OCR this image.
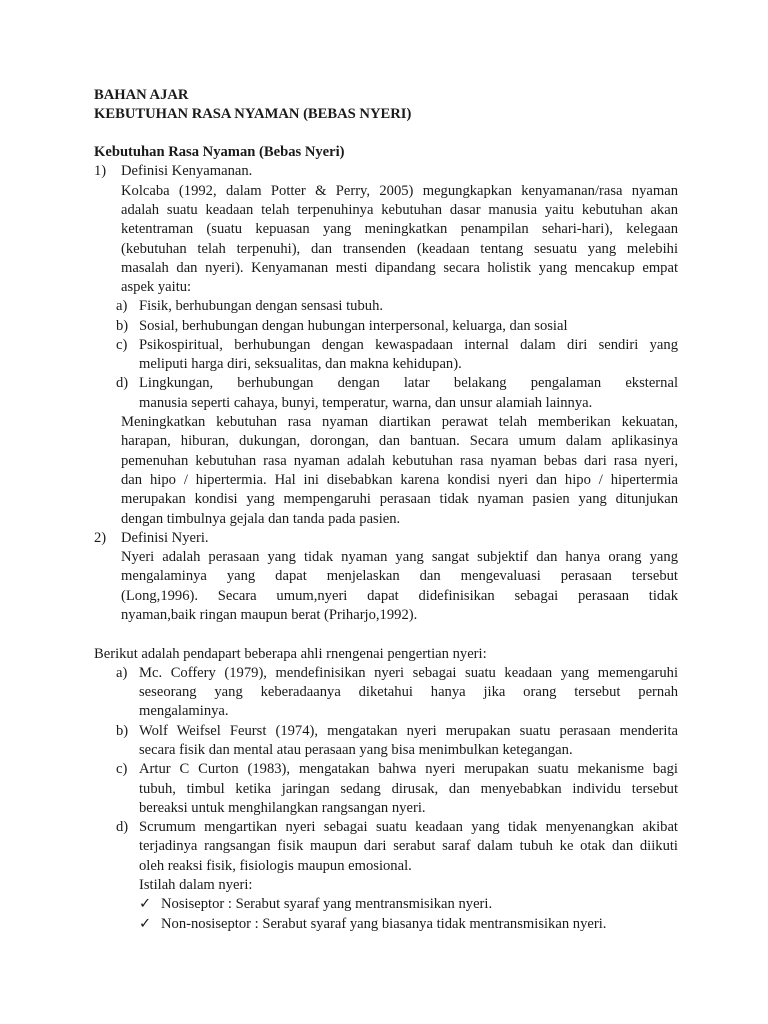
BAHAN AJAR
KEBUTUHAN RASA NYAMAN (BEBAS NYERI)
Kebutuhan Rasa Nyaman (Bebas Nyeri)
1) Definisi Kenyamanan.
Kolcaba (1992, dalam Potter & Perry, 2005) megungkapkan kenyamanan/rasa nyaman
adalah suatu keadaan telah terpenuhinya kebutuhan dasar manusia yaitu kebutuhan akan
ketentraman (suatu kepuasan yang meningkatkan penampilan sehari-hari), kelegaan
(kebutuhan telah terpenuhi), dan transenden (keadaan tentang sesuatu yang melebihi
masalah dan nyeri). Kenyamanan mesti dipandang secara holistik yang mencakup empat
aspek yaitu:
a) Fisik, berhubungan dengan sensasi tubuh.
b) Sosial, berhubungan dengan hubungan interpersonal, keluarga, dan sosial
c) Psikospiritual, berhubungan dengan kewaspadaan internal dalam diri sendiri yang
meliputi harga diri, seksualitas, dan makna kehidupan).
d) Lingkungan, berhubungan dengan latar belakang pengalaman eksternal
manusia seperti cahaya, bunyi, temperatur, warna, dan unsur alamiah lainnya.
Meningkatkan kebutuhan rasa nyaman diartikan perawat telah memberikan kekuatan,
harapan, hiburan, dukungan, dorongan, dan bantuan. Secara umum dalam aplikasinya
pemenuhan kebutuhan rasa nyaman adalah kebutuhan rasa nyaman bebas dari rasa nyeri,
dan hipo / hipertermia. Hal ini disebabkan karena kondisi nyeri dan hipo / hipertermia
merupakan kondisi yang mempengaruhi perasaan tidak nyaman pasien yang ditunjukan
dengan timbulnya gejala dan tanda pada pasien.
2) Definisi Nyeri.
Nyeri adalah perasaan yang tidak nyaman yang sangat subjektif dan hanya orang yang
mengalaminya yang dapat menjelaskan dan mengevaluasi perasaan tersebut
(Long,1996). Secara umum,nyeri dapat didefinisikan sebagai perasaan tidak
nyaman,baik ringan maupun berat (Priharjo,1992).
Berikut adalah pendapart beberapa ahli rnengenai pengertian nyeri:
a) Mc. Coffery (1979), mendefinisikan nyeri sebagai suatu keadaan yang memengaruhi
seseorang yang keberadaanya diketahui hanya jika orang tersebut pernah
mengalaminya.
b) Wolf Weifsel Feurst (1974), mengatakan nyeri merupakan suatu perasaan menderita
secara fisik dan mental atau perasaan yang bisa menimbulkan ketegangan.
c) Artur C Curton (1983), mengatakan bahwa nyeri merupakan suatu mekanisme bagi
tubuh, timbul ketika jaringan sedang dirusak, dan menyebabkan individu tersebut
bereaksi untuk menghilangkan rangsangan nyeri.
d) Scrumum mengartikan nyeri sebagai suatu keadaan yang tidak menyenangkan akibat
terjadinya rangsangan fisik maupun dari serabut saraf dalam tubuh ke otak dan diikuti
oleh reaksi fisik, fisiologis maupun emosional.
Istilah dalam nyeri:
✓ Nosiseptor : Serabut syaraf yang mentransmisikan nyeri.
✓ Non-nosiseptor : Serabut syaraf yang biasanya tidak mentransmisikan nyeri.
